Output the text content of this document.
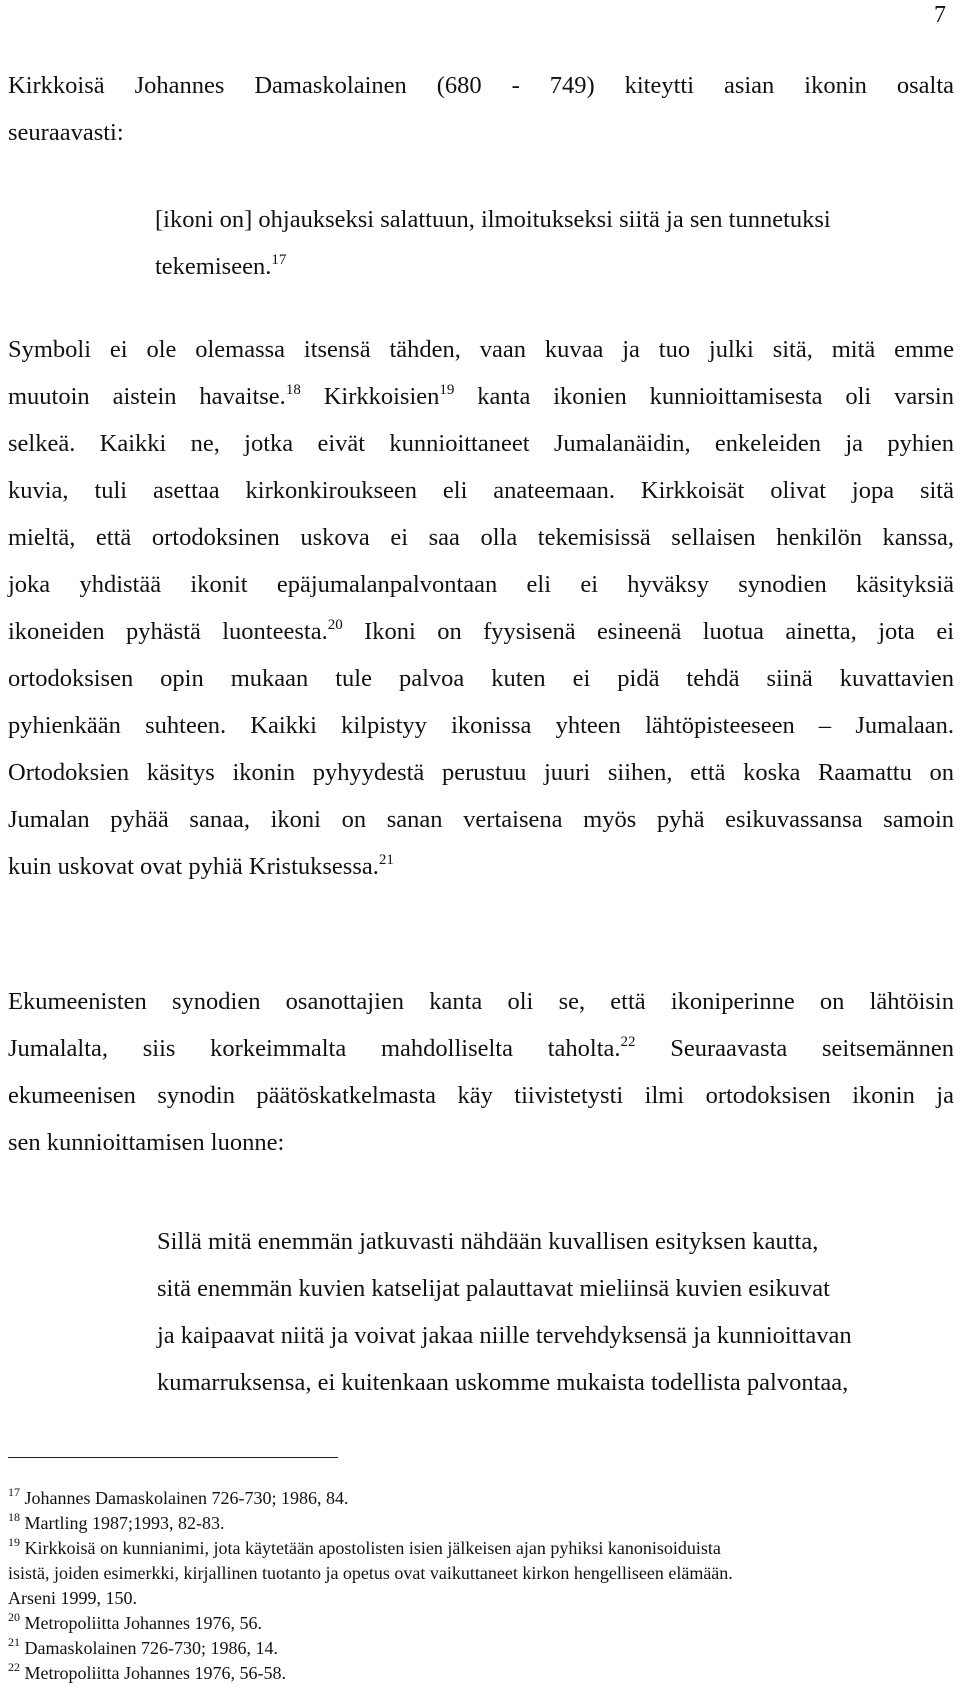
7
Kirkkoisä Johannes Damaskolainen (680 - 749) kiteytti asian ikonin osalta
seuraavasti:
[ikoni on] ohjaukseksi salattuun, ilmoitukseksi siitä ja sen tunnetuksi
tekemiseen.$^{17}$
Symboli ei ole olemassa itsensä tähden, vaan kuvaa ja tuo julki sitä, mitä emme
muutoin aistein havaitse.$^{18}$ Kirkkoisien$^{19}$ kanta ikonien kunnioittamisesta oli varsin
selkeä. Kaikki ne, jotka eivät kunnioittaneet Jumalanäidin, enkeleiden ja pyhien
kuvia, tuli asettaa kirkonkiroukseen eli anateemaan. Kirkkoisät olivat jopa sitä
mieltä, että ortodoksinen uskova ei saa olla tekemisissä sellaisen henkilön kanssa,
joka yhdistää ikonit epäjumalanpalvontaan eli ei hyväksy synodien käsityksiä
ikoneiden pyhästä luonteesta.$^{20}$ Ikoni on fyysisenä esineenä luotua ainetta, jota ei
ortodoksisen opin mukaan tule palvoa kuten ei pidä tehdä siinä kuvattavien
pyhienkään suhteen. Kaikki kilpistyy ikonissa yhteen lähtöpisteeseen – Jumalaan.
Ortodoksien käsitys ikonin pyhyydestä perustuu juuri siihen, että koska Raamattu on
Jumalan pyhää sanaa, ikoni on sanan vertaisena myös pyhä esikuvassansa samoin
kuin uskovat ovat pyhiä Kristuksessa.$^{21}$
Ekumeenisten synodien osanottajien kanta oli se, että ikoniperinne on lähtöisin
Jumalalta, siis korkeimmalta mahdolliselta taholta.$^{22}$ Seuraavasta seitsemännen
ekumeenisen synodin päätöskatkelmasta käy tiivistetysti ilmi ortodoksisen ikonin ja
sen kunnioittamisen luonne:
Sillä mitä enemmän jatkuvasti nähdään kuvallisen esityksen kautta,
sitä enemmän kuvien katselijat palauttavat mieliinsä kuvien esikuvat
ja kaipaavat niitä ja voivat jakaa niille tervehdyksensä ja kunnioittavan
kumarruksensa, ei kuitenkaan uskomme mukaista todellista palvontaa,
$^{17}$ Johannes Damaskolainen 726-730; 1986, 84.
$^{18}$ Martling 1987;1993, 82-83.
$^{19}$ Kirkkoisä on kunnianimi, jota käytetään apostolisten isien jälkeisen ajan pyhiksi kanonisoiduista
isistä, joiden esimerkki, kirjallinen tuotanto ja opetus ovat vaikuttaneet kirkon hengelliseen elämään.
Arseni 1999, 150.
$^{20}$ Metropoliitta Johannes 1976, 56.
$^{21}$ Damaskolainen 726-730; 1986, 14.
$^{22}$ Metropoliitta Johannes 1976, 56-58.
